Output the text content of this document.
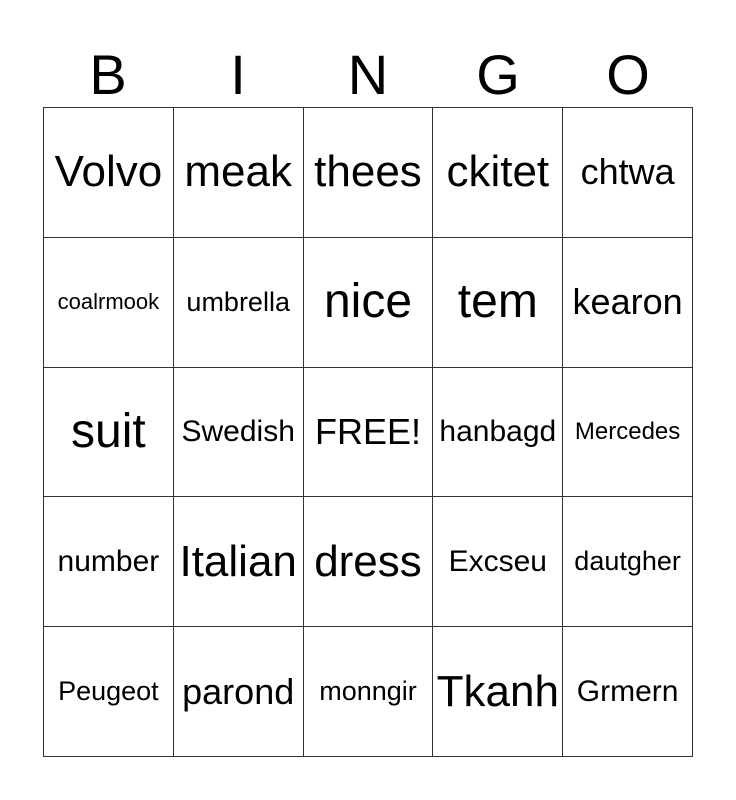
B	I	N	G	O
Volvo meak thees ckitet chtwa
coalrmook umbrella nice tem kearon
suit Swedish FREE! hanbagd Mercedes
number Italian dress Excseu dautgher
Peugeot parond monngir Tkanh Grmern
